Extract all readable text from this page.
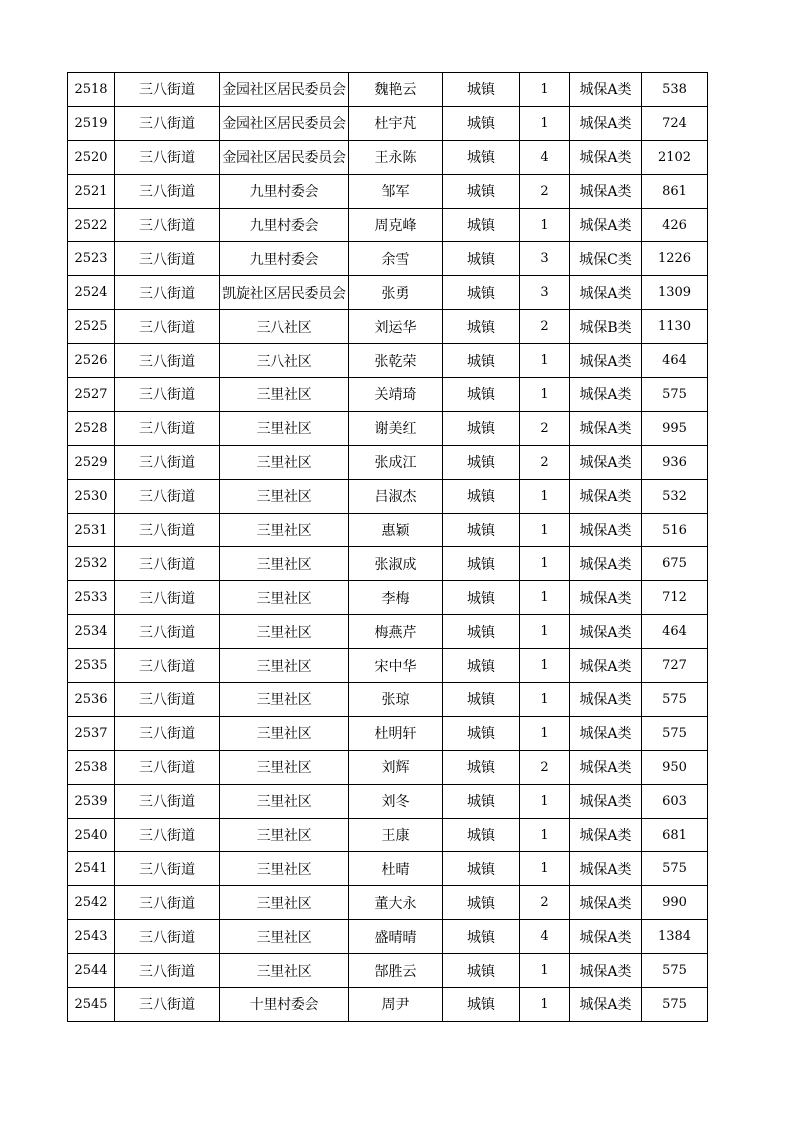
2518	三八街道	金园社区居民委员会	魏艳云	城镇	1	城保A类	538
2519	三八街道	金园社区居民委员会	杜宇芃	城镇	1	城保A类	724
2520	三八街道	金园社区居民委员会	王永陈	城镇	4	城保A类	2102
2521	三八街道	九里村委会	邹军	城镇	2	城保A类	861
2522	三八街道	九里村委会	周克峰	城镇	1	城保A类	426
2523	三八街道	九里村委会	余雪	城镇	3	城保C类	1226
2524	三八街道	凯旋社区居民委员会	张勇	城镇	3	城保A类	1309
2525	三八街道	三八社区	刘运华	城镇	2	城保B类	1130
2526	三八街道	三八社区	张乾荣	城镇	1	城保A类	464
2527	三八街道	三里社区	关靖琦	城镇	1	城保A类	575
2528	三八街道	三里社区	谢美红	城镇	2	城保A类	995
2529	三八街道	三里社区	张成江	城镇	2	城保A类	936
2530	三八街道	三里社区	吕淑杰	城镇	1	城保A类	532
2531	三八街道	三里社区	惠颖	城镇	1	城保A类	516
2532	三八街道	三里社区	张淑成	城镇	1	城保A类	675
2533	三八街道	三里社区	李梅	城镇	1	城保A类	712
2534	三八街道	三里社区	梅燕芹	城镇	1	城保A类	464
2535	三八街道	三里社区	宋中华	城镇	1	城保A类	727
2536	三八街道	三里社区	张琼	城镇	1	城保A类	575
2537	三八街道	三里社区	杜明轩	城镇	1	城保A类	575
2538	三八街道	三里社区	刘辉	城镇	2	城保A类	950
2539	三八街道	三里社区	刘冬	城镇	1	城保A类	603
2540	三八街道	三里社区	王康	城镇	1	城保A类	681
2541	三八街道	三里社区	杜晴	城镇	1	城保A类	575
2542	三八街道	三里社区	董大永	城镇	2	城保A类	990
2543	三八街道	三里社区	盛晴晴	城镇	4	城保A类	1384
2544	三八街道	三里社区	郜胜云	城镇	1	城保A类	575
2545	三八街道	十里村委会	周尹	城镇	1	城保A类	575
